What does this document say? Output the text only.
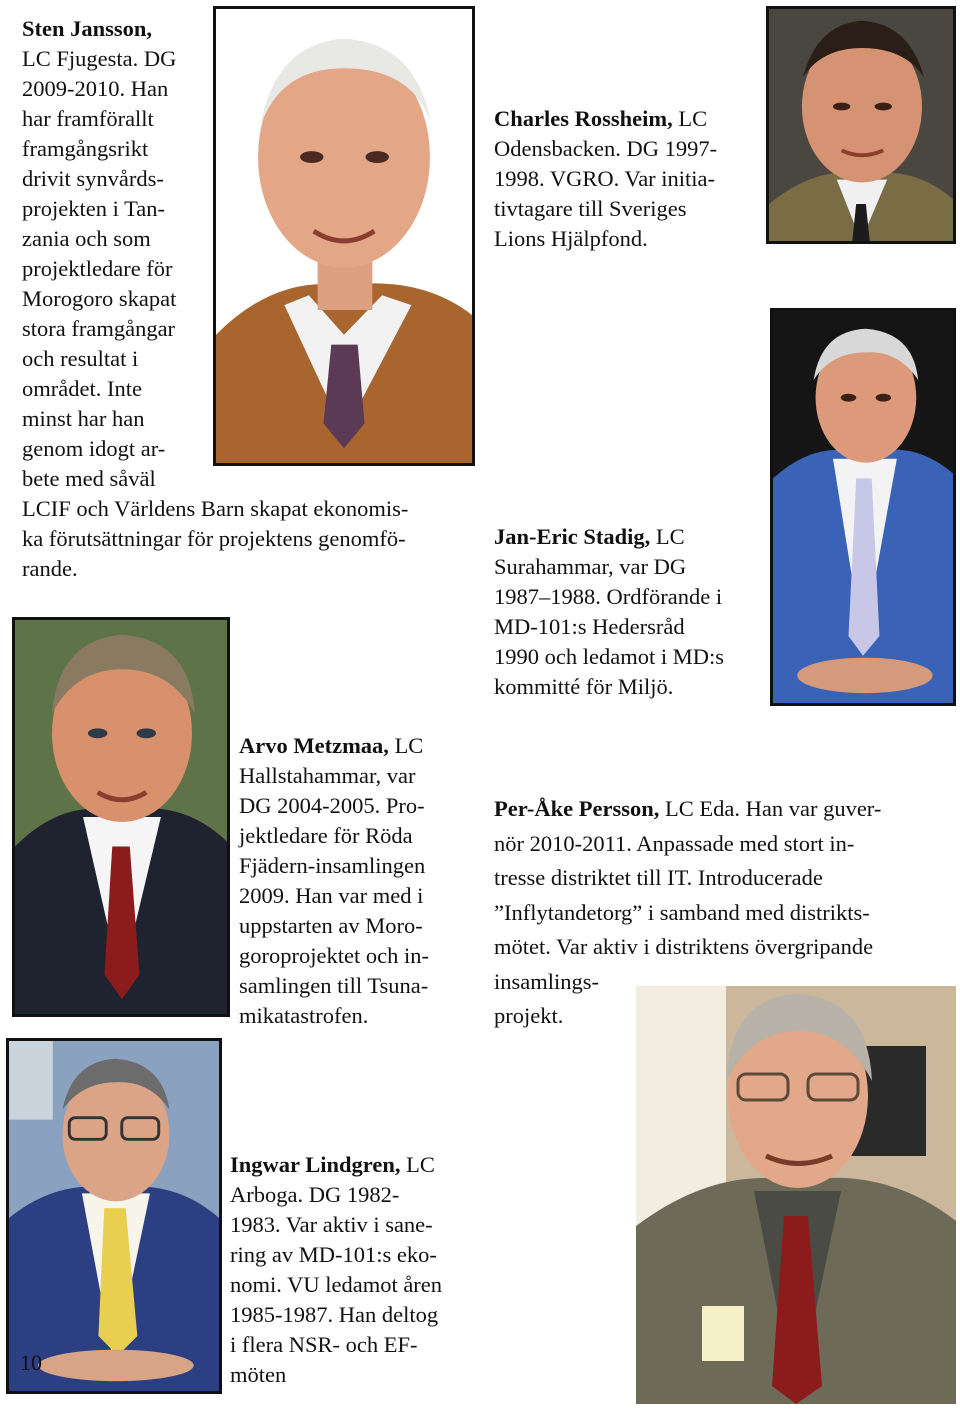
Sten Jansson,
LC Fjugesta. DG
2009-2010. Han
har framförallt
framgångsrikt
drivit synvårds-
projekten i Tan-
zania och som
projektledare för
Morogoro skapat
stora framgångar
och resultat i
området. Inte
minst har han
genom idogt ar-
bete med såväl
LCIF och Världens Barn skapat ekonomis-
ka förutsättningar för projektens genomfö-
rande.
Charles Rossheim, LC
Odensbacken. DG 1997-
1998. VGRO. Var initia-
tivtagare till Sveriges
Lions Hjälpfond.
Jan-Eric Stadig, LC
Surahammar, var DG
1987–1988. Ordförande i
MD-101:s Hedersråd
1990 och ledamot i MD:s
kommitté för Miljö.
Arvo Metzmaa, LC
Hallstahammar, var
DG 2004-2005. Pro-
jektledare för Röda
Fjädern-insamlingen
2009. Han var med i
uppstarten av Moro-
goroprojektet och in-
samlingen till Tsuna-
mikatastrofen.
Per-Åke Persson, LC Eda. Han var guver-
nör 2010-2011. Anpassade med stort in-
tresse distriktet till IT. Introducerade
”Inflytandetorg” i samband med distrikts-
mötet. Var aktiv i distriktens övergripande
insamlings-
projekt.
Ingwar Lindgren, LC
Arboga. DG 1982-
1983. Var aktiv i sane-
ring av MD-101:s eko-
nomi. VU ledamot åren
1985-1987. Han deltog
i flera NSR- och EF-
möten
10
